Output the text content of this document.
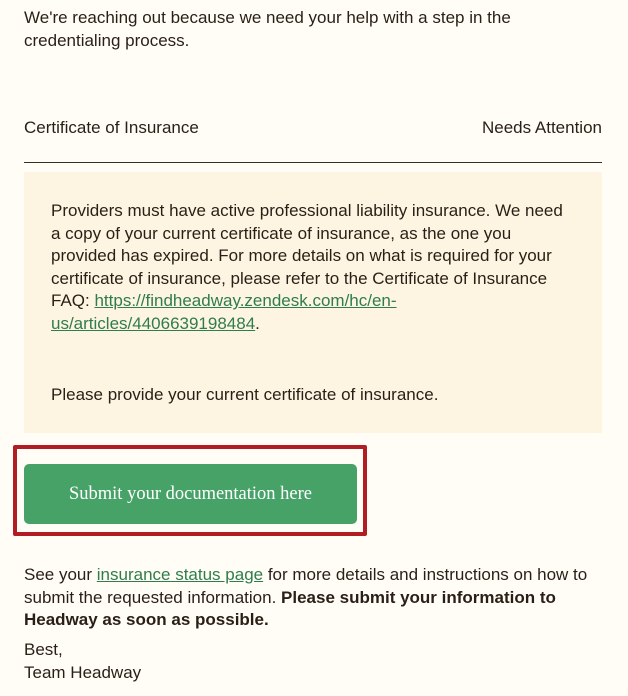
We're reaching out because we need your help with a step in the credentialing process.
Certificate of Insurance	Needs Attention
Providers must have active professional liability insurance. We need a copy of your current certificate of insurance, as the one you provided has expired. For more details on what is required for your certificate of insurance, please refer to the Certificate of Insurance FAQ: https://findheadway.zendesk.com/hc/en-us/articles/4406639198484.
Please provide your current certificate of insurance.
Submit your documentation here
See your insurance status page for more details and instructions on how to submit the requested information. Please submit your information to Headway as soon as possible.
Best,
Team Headway
